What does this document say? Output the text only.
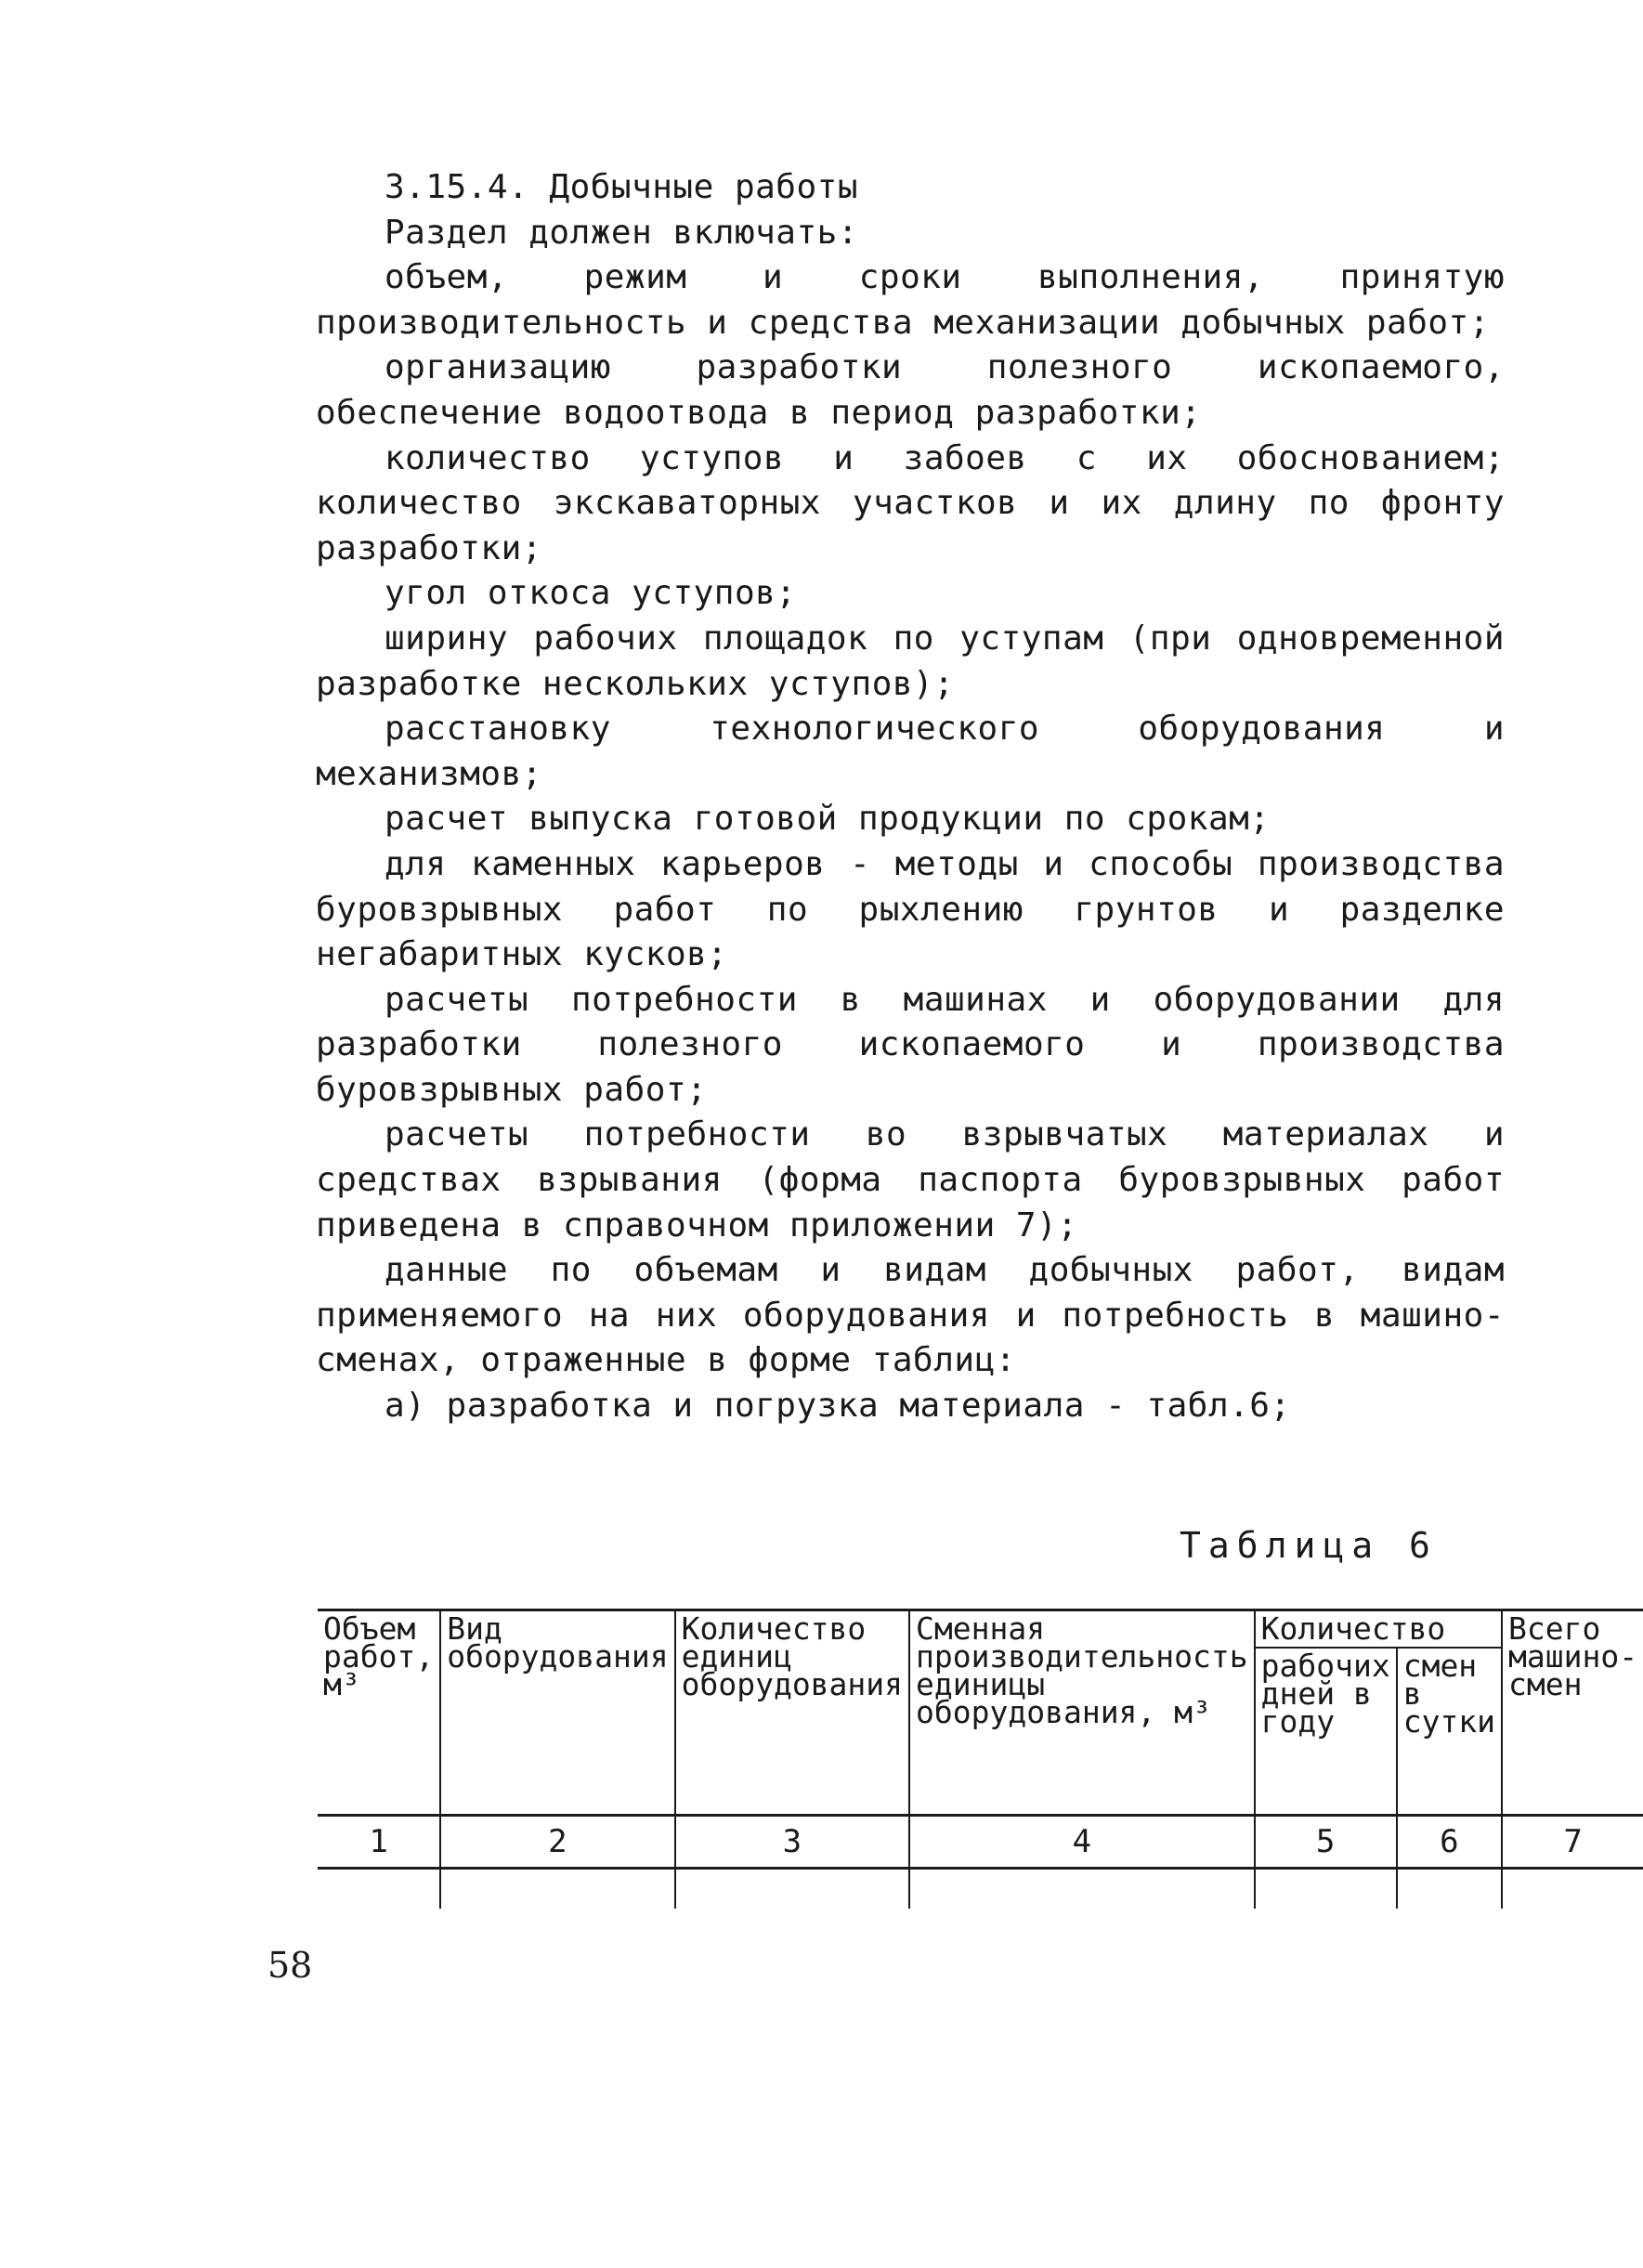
3.15.4. Добычные работы

Раздел должен включать:

объем, режим и сроки выполнения, принятую производительность и средства механизации добычных работ;

организацию разработки полезного ископаемого, обеспечение водоотвода в период разработки;

количество уступов и забоев с их обоснованием; количество экскаваторных участков и их длину по фронту разработки;

угол откоса уступов;

ширину рабочих площадок по уступам (при одновременной разработке нескольких уступов);

расстановку технологического оборудования и механизмов;

расчет выпуска готовой продукции по срокам;

для каменных карьеров - методы и способы производства буровзрывных работ по рыхлению грунтов и разделке негабаритных кусков;

расчеты потребности в машинах и оборудовании для разработки полезного ископаемого и производства буровзрывных работ;

расчеты потребности во взрывчатых материалах и средствах взрывания (форма паспорта буровзрывных работ приведена в справочном приложении 7);

данные по объемам и видам добычных работ, видам применяемого на них оборудования и потребность в машино-сменах, отраженные в форме таблиц:

а) разработка и погрузка материала - табл.6;

Таблица 6
Объем работ, м³	Вид оборудования	Количество единиц оборудования	Сменная производительность единицы оборудования, м³	Количество		Всего машино-смен
				рабочих дней в году	смен в сутки	
1	2	3	4	5	6	7

58
